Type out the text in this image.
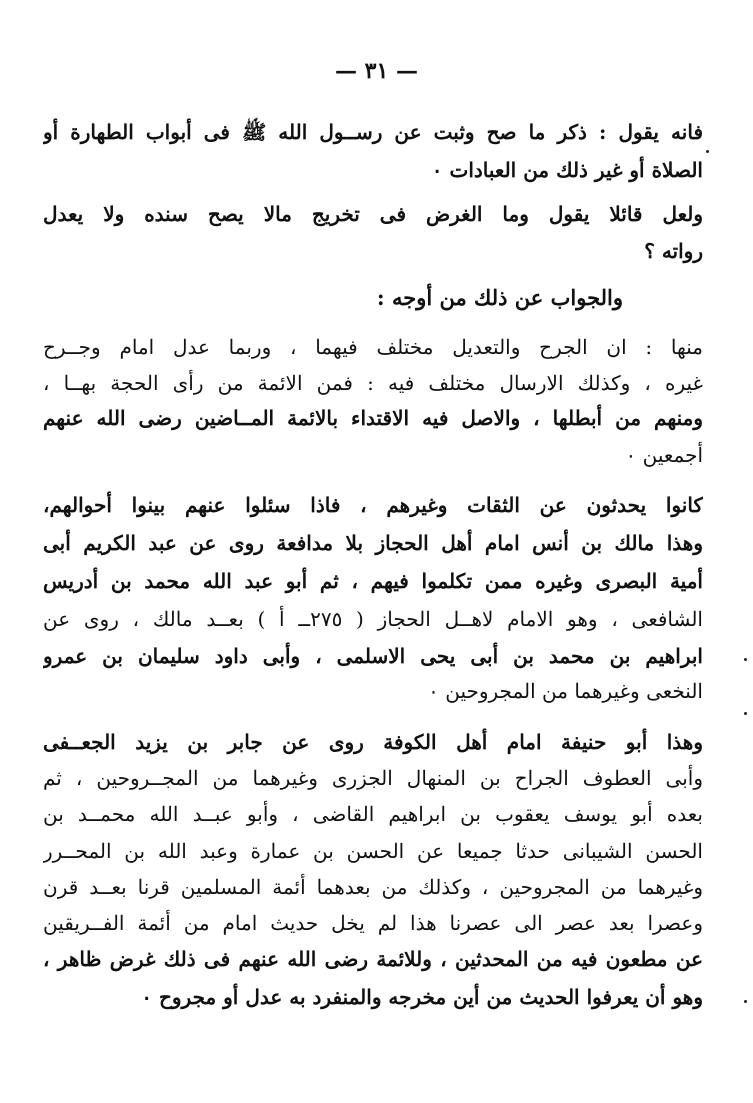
— ٣١ —
فانه يقول : ذكر ما صح وثبت عن رســول الله ﷺ فى أبواب الطهارة أو
الصلاة أو غير ذلك من العبادات ٠
ولعل قائلا يقول وما الغرض فى تخريج مالا يصح سنده ولا يعدل
رواته ؟
والجواب عن ذلك من أوجه :
منها : ان الجرح والتعديل مختلف فيهما ، وربما عدل امام وجــرح
غيره ، وكذلك الارسال مختلف فيه : فمن الائمة من رأى الحجة بهــا ،
ومنهم من أبطلها ، والاصل فيه الاقتداء بالائمة المــاضين رضى الله عنهم
أجمعين ٠
كانوا يحدثون عن الثقات وغيرهم ، فاذا سئلوا عنهم بينوا أحوالهم،
وهذا مالك بن أنس امام أهل الحجاز بلا مدافعة روى عن عبد الكريم أبى
أمية البصرى وغيره ممن تكلموا فيهم ، ثم أبو عبد الله محمد بن أدريس
الشافعى ، وهو الامام لاهــل الحجاز ( ٢٧٥ــ أ ) بعــد مالك ، روى عن
ابراهيم بن محمد بن أبى يحى الاسلمى ، وأبى داود سليمان بن عمرو
النخعى وغيرهما من المجروحين ٠
وهذا أبو حنيفة امام أهل الكوفة روى عن جابر بن يزيد الجعــفى
وأبى العطوف الجراح بن المنهال الجزرى وغيرهما من المجــروحين ، ثم
بعده أبو يوسف يعقوب بن ابراهيم القاضى ، وأبو عبــد الله محمــد بن
الحسن الشيبانى حدثا جميعا عن الحسن بن عمارة وعبد الله بن المحــرر
وغيرهما من المجروحين ، وكذلك من بعدهما أئمة المسلمين قرنا بعــد قرن
وعصرا بعد عصر الى عصرنا هذا لم يخل حديث امام من أئمة الفــريقين
عن مطعون فيه من المحدثين ، وللائمة رضى الله عنهم فى ذلك غرض ظاهر ،
وهو أن يعرفوا الحديث من أين مخرجه والمنفرد به عدل أو مجروح ٠
